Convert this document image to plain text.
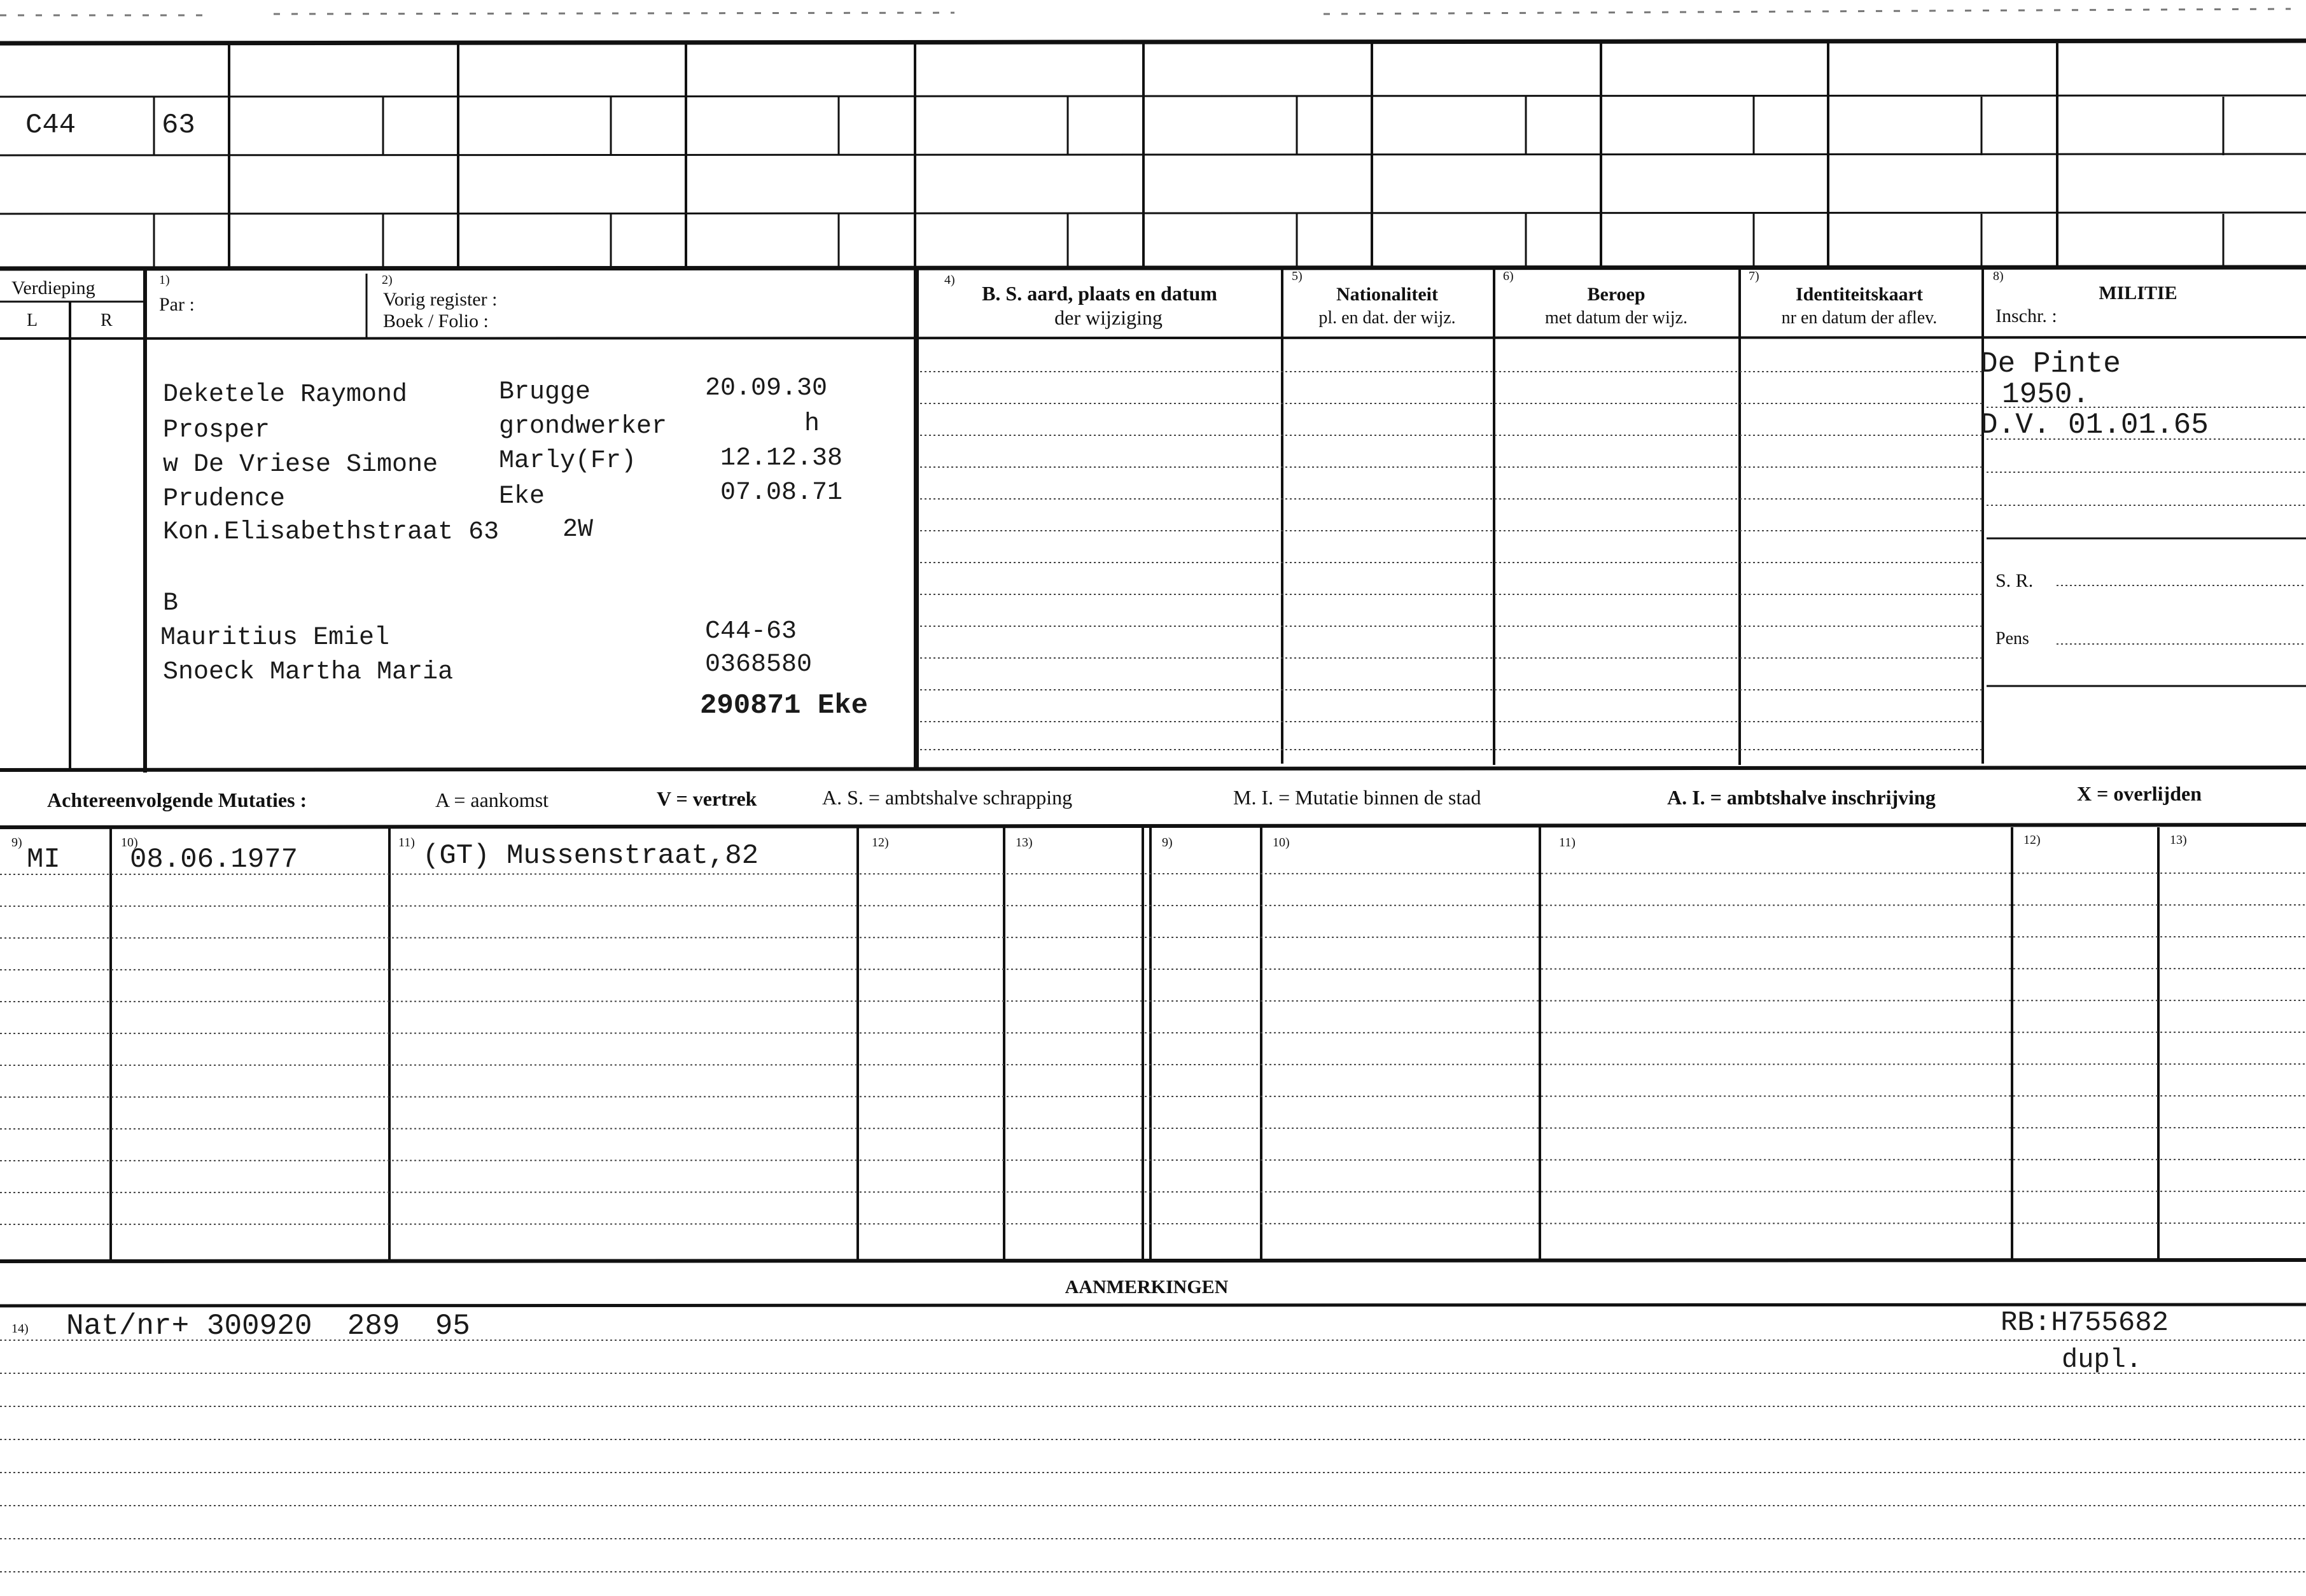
C44	63
Verdieping
L	R
1)
Par :
2)
Vorig register :
Boek / Folio :
4)
B. S. aard, plaats en datum
der wijziging
5)
Nationaliteit
pl. en dat. der wijz.
6)
Beroep
met datum der wijz.
7)
Identiteitskaart
nr en datum der aflev.
8)
MILITIE
Inschr. :
S. R.
Pens
Deketele Raymond	Brugge	20.09.30
Prosper	grondwerker	h
w De Vriese Simone Marly(Fr)	12.12.38
Prudence	Eke	07.08.71
Kon.Elisabethstraat 63 2W
B
Mauritius Emiel	C44-63
Snoeck Martha Maria	0368580
290871 Eke
De Pinte
1950.
D.V. 01.01.65
Achtereenvolgende Mutaties :	A = aankomst	V = vertrek	A. S. = ambtshalve schrapping	M. I. = Mutatie binnen de stad	A. I. = ambtshalve inschrijving	X = overlijden
9)	10)	11)	12)	13)	9)	10)	11)	12)	13)
MI 08.06.1977	(GT) Mussenstraat,82
AANMERKINGEN
14) Nat/nr+ 300920  289  95	RB:H755682
dupl.
